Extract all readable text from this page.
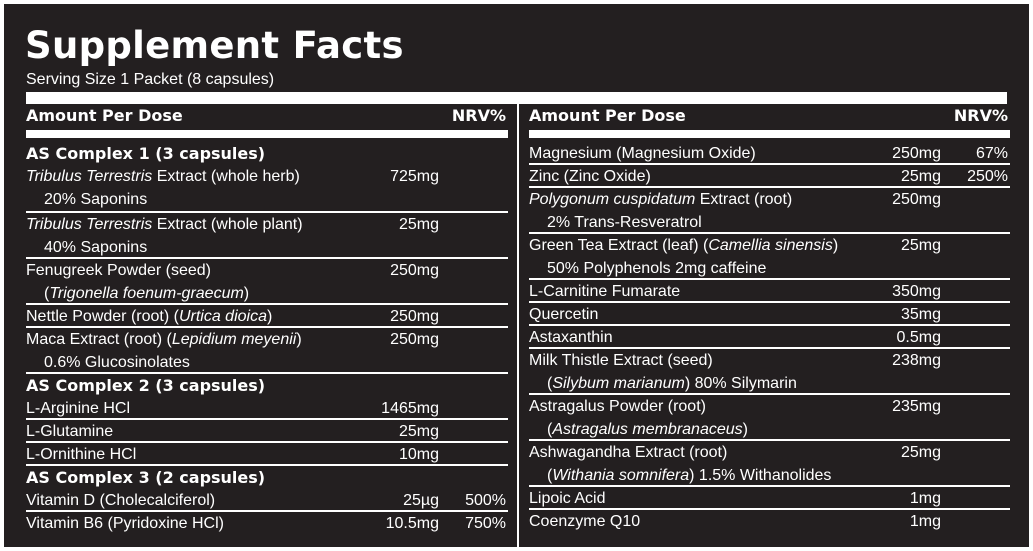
Supplement Facts
Serving Size 1 Packet (8 capsules)
Amount Per Dose	NRV%
AS Complex 1 (3 capsules)
Tribulus Terrestris Extract (whole herb)	725mg
20% Saponins
Tribulus Terrestris Extract (whole plant)	25mg
40% Saponins
Fenugreek Powder (seed)	250mg
(Trigonella foenum-graecum)
Nettle Powder (root) (Urtica dioica)	250mg
Maca Extract (root) (Lepidium meyenii)	250mg
0.6% Glucosinolates
AS Complex 2 (3 capsules)
L-Arginine HCl	1465mg
L-Glutamine	25mg
L-Ornithine HCl	10mg
AS Complex 3 (2 capsules)
Vitamin D (Cholecalciferol)	25µg 500%
Vitamin B6 (Pyridoxine HCl)	10.5mg 750%
Amount Per Dose	NRV%
Magnesium (Magnesium Oxide)	250mg 67%
Zinc (Zinc Oxide)	25mg 250%
Polygonum cuspidatum Extract (root)	250mg
2% Trans-Resveratrol
Green Tea Extract (leaf) (Camellia sinensis)	25mg
50% Polyphenols 2mg caffeine
L-Carnitine Fumarate	350mg
Quercetin	35mg
Astaxanthin	0.5mg
Milk Thistle Extract (seed)	238mg
(Silybum marianum) 80% Silymarin
Astragalus Powder (root)	235mg
(Astragalus membranaceus)
Ashwagandha Extract (root)	25mg
(Withania somnifera) 1.5% Withanolides
Lipoic Acid	1mg
Coenzyme Q10	1mg
